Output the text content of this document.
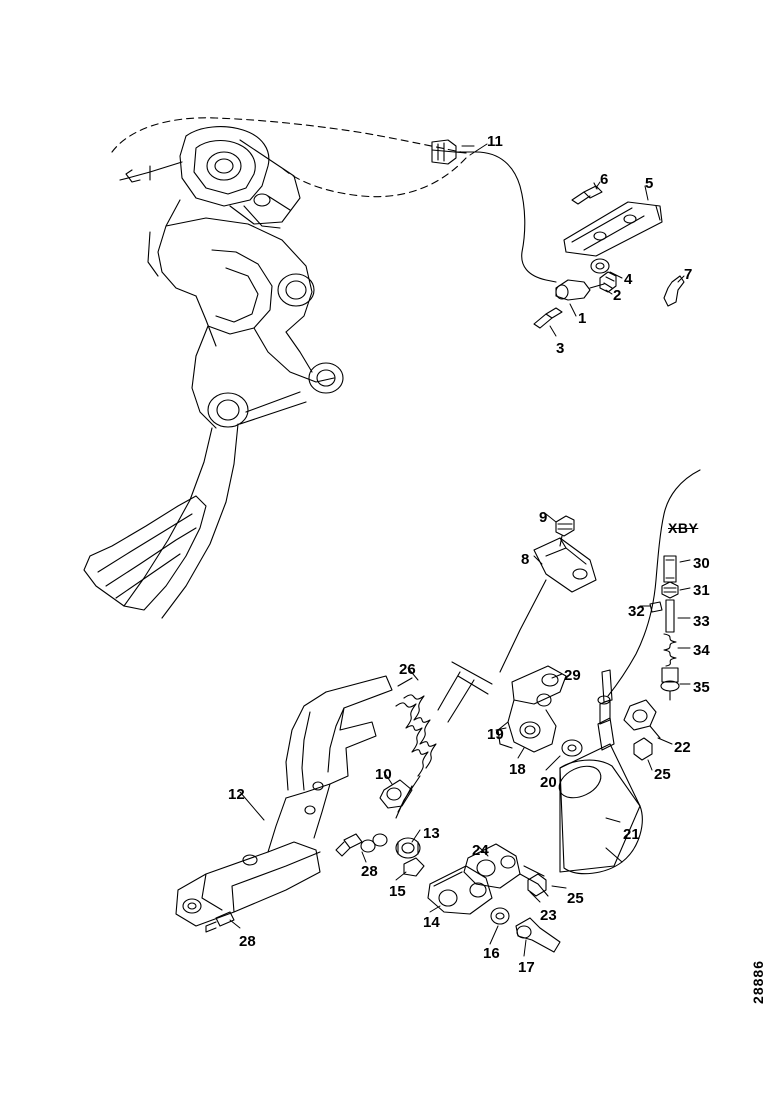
11
6 5
4	7
2
1
3
9
8	30
31
32
33
34
35
26	29
19
22
18
20
10	25
12
21
13
24
28
15	25
23
14
28
16
17
XBY
28886
